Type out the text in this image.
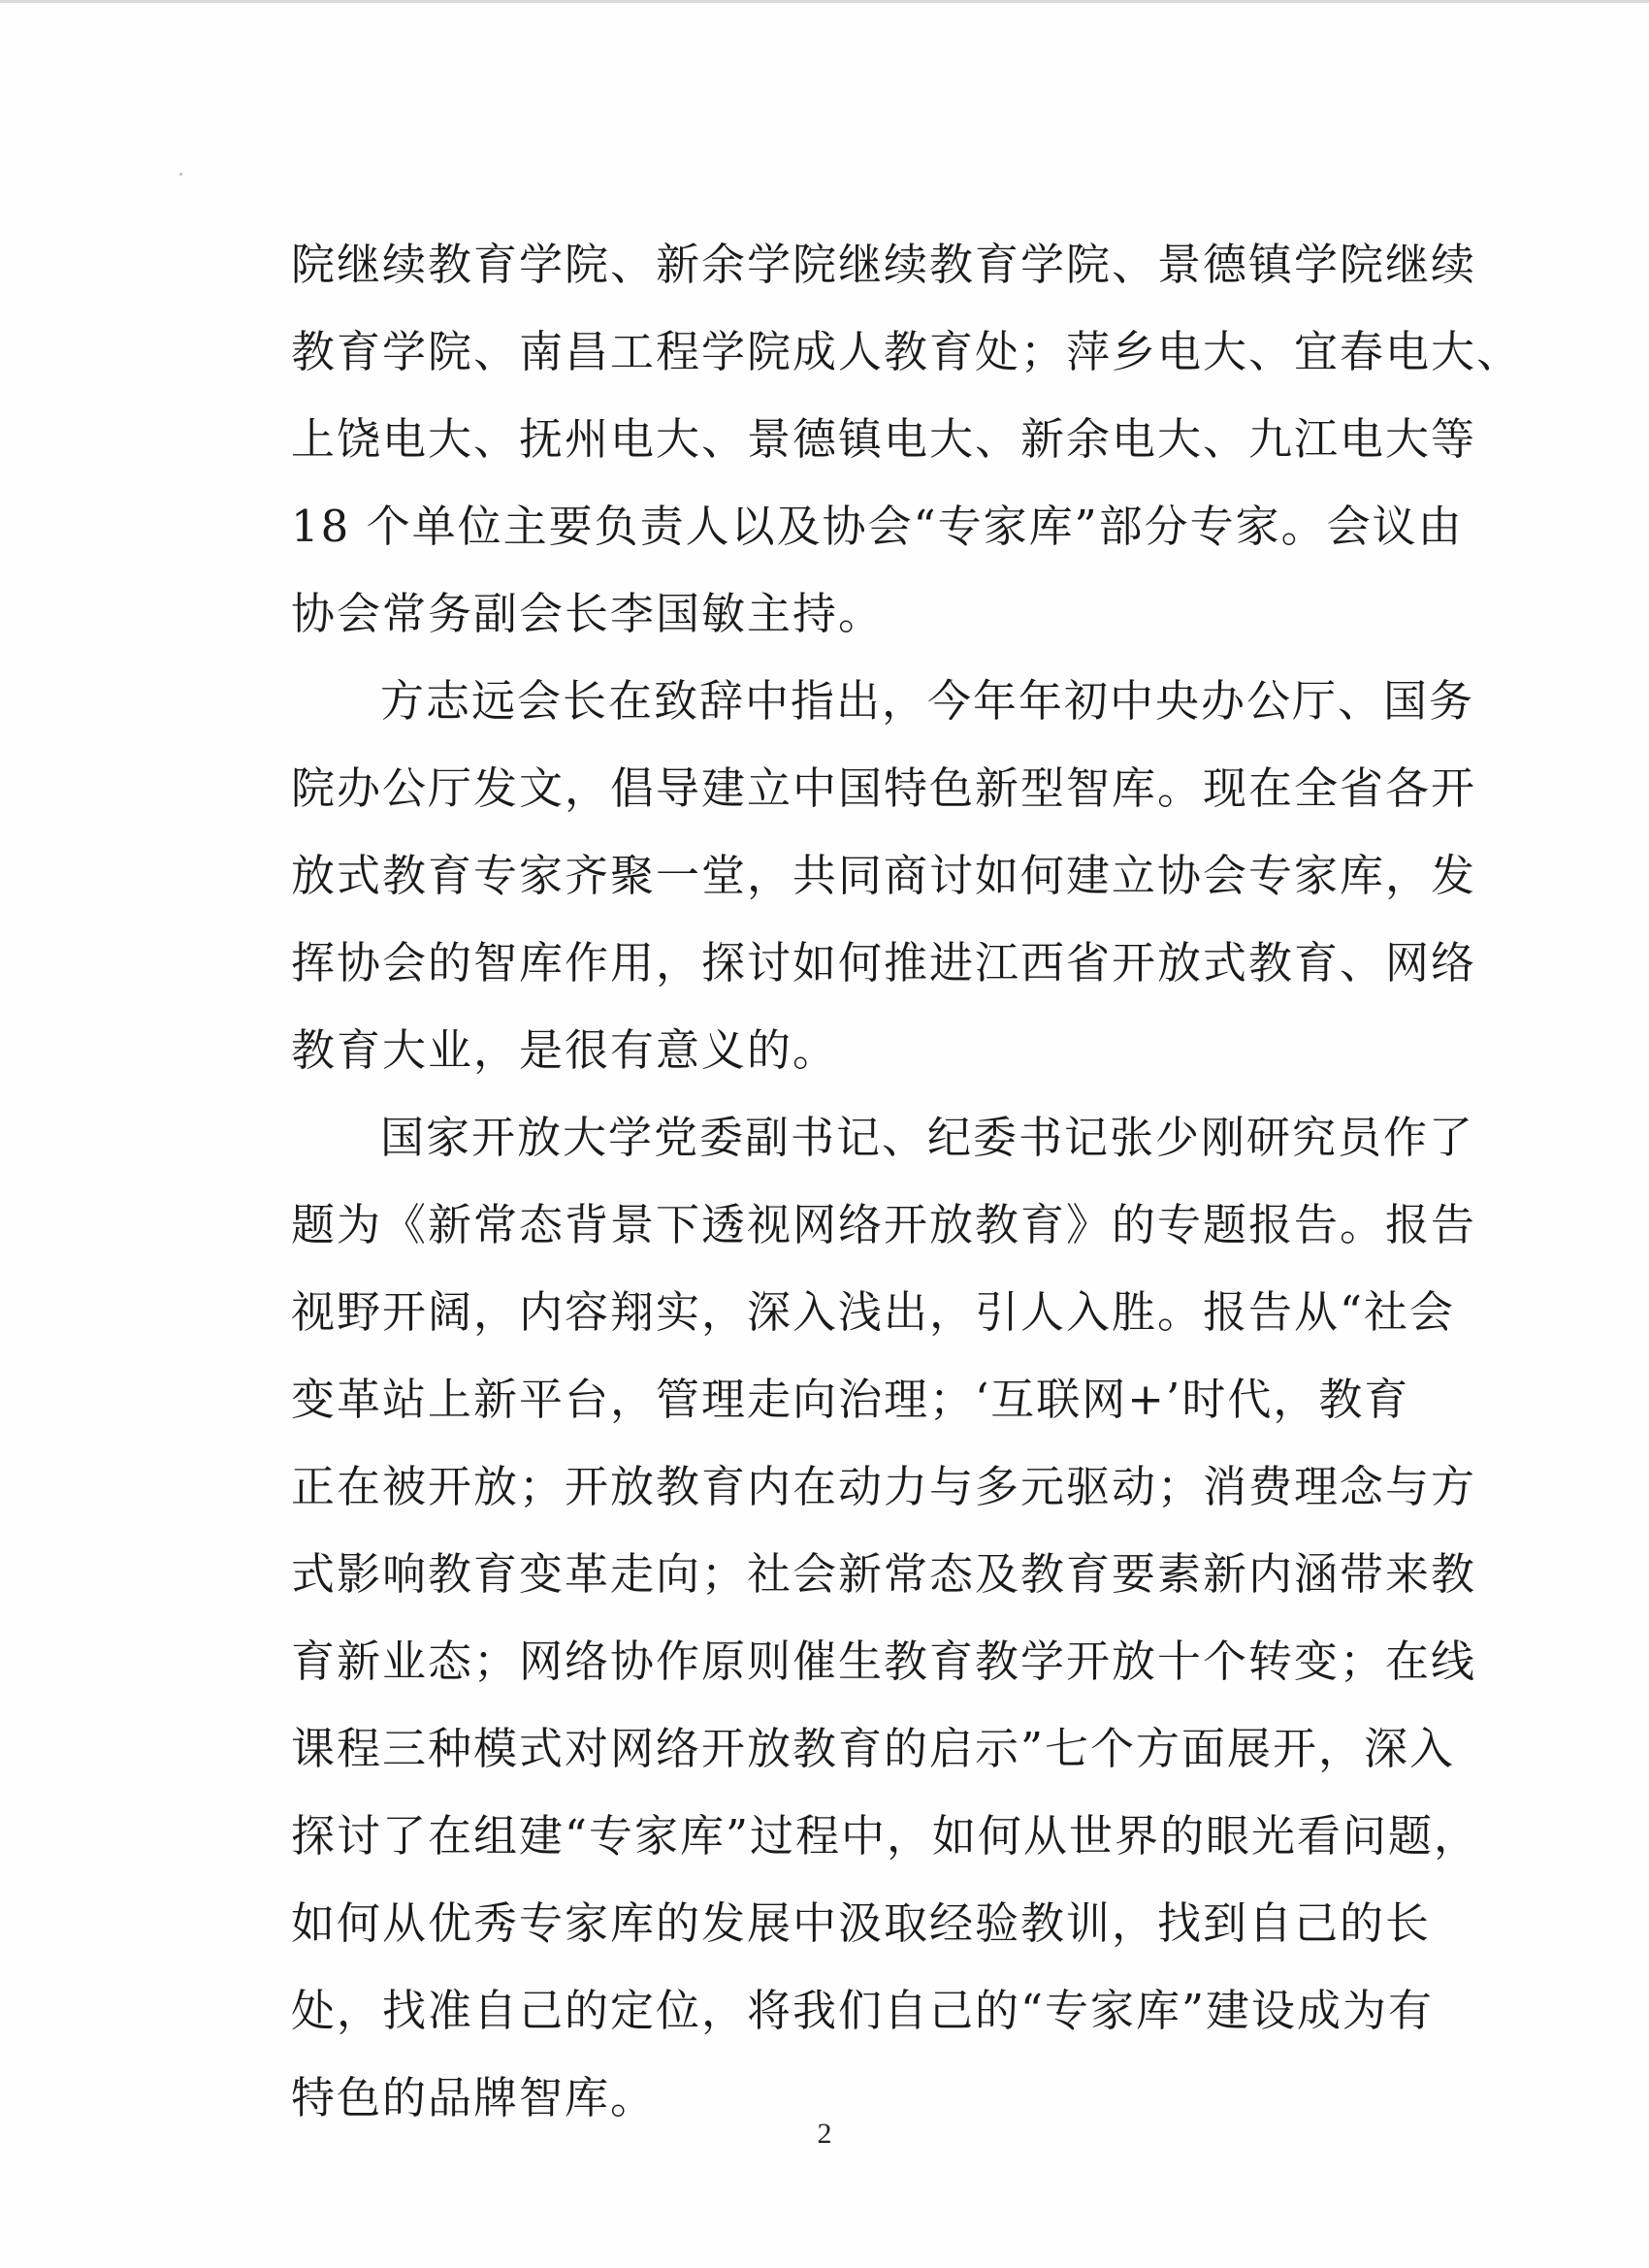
院继续教育学院、新余学院继续教育学院、景德镇学院继续
教育学院、南昌工程学院成人教育处；萍乡电大、宜春电大、
上饶电大、抚州电大、景德镇电大、新余电大、九江电大等
18 个单位主要负责人以及协会“专家库”部分专家。会议由
协会常务副会长李国敏主持。
方志远会长在致辞中指出，今年年初中央办公厅、国务
院办公厅发文，倡导建立中国特色新型智库。现在全省各开
放式教育专家齐聚一堂，共同商讨如何建立协会专家库，发
挥协会的智库作用，探讨如何推进江西省开放式教育、网络
教育大业，是很有意义的。
国家开放大学党委副书记、纪委书记张少刚研究员作了
题为《新常态背景下透视网络开放教育》的专题报告。报告
视野开阔，内容翔实，深入浅出，引人入胜。报告从“社会
变革站上新平台，管理走向治理；‘互联网+’时代，教育
正在被开放；开放教育内在动力与多元驱动；消费理念与方
式影响教育变革走向；社会新常态及教育要素新内涵带来教
育新业态；网络协作原则催生教育教学开放十个转变；在线
课程三种模式对网络开放教育的启示”七个方面展开，深入
探讨了在组建“专家库”过程中，如何从世界的眼光看问题，
如何从优秀专家库的发展中汲取经验教训，找到自己的长
处，找准自己的定位，将我们自己的“专家库”建设成为有
特色的品牌智库。
2
